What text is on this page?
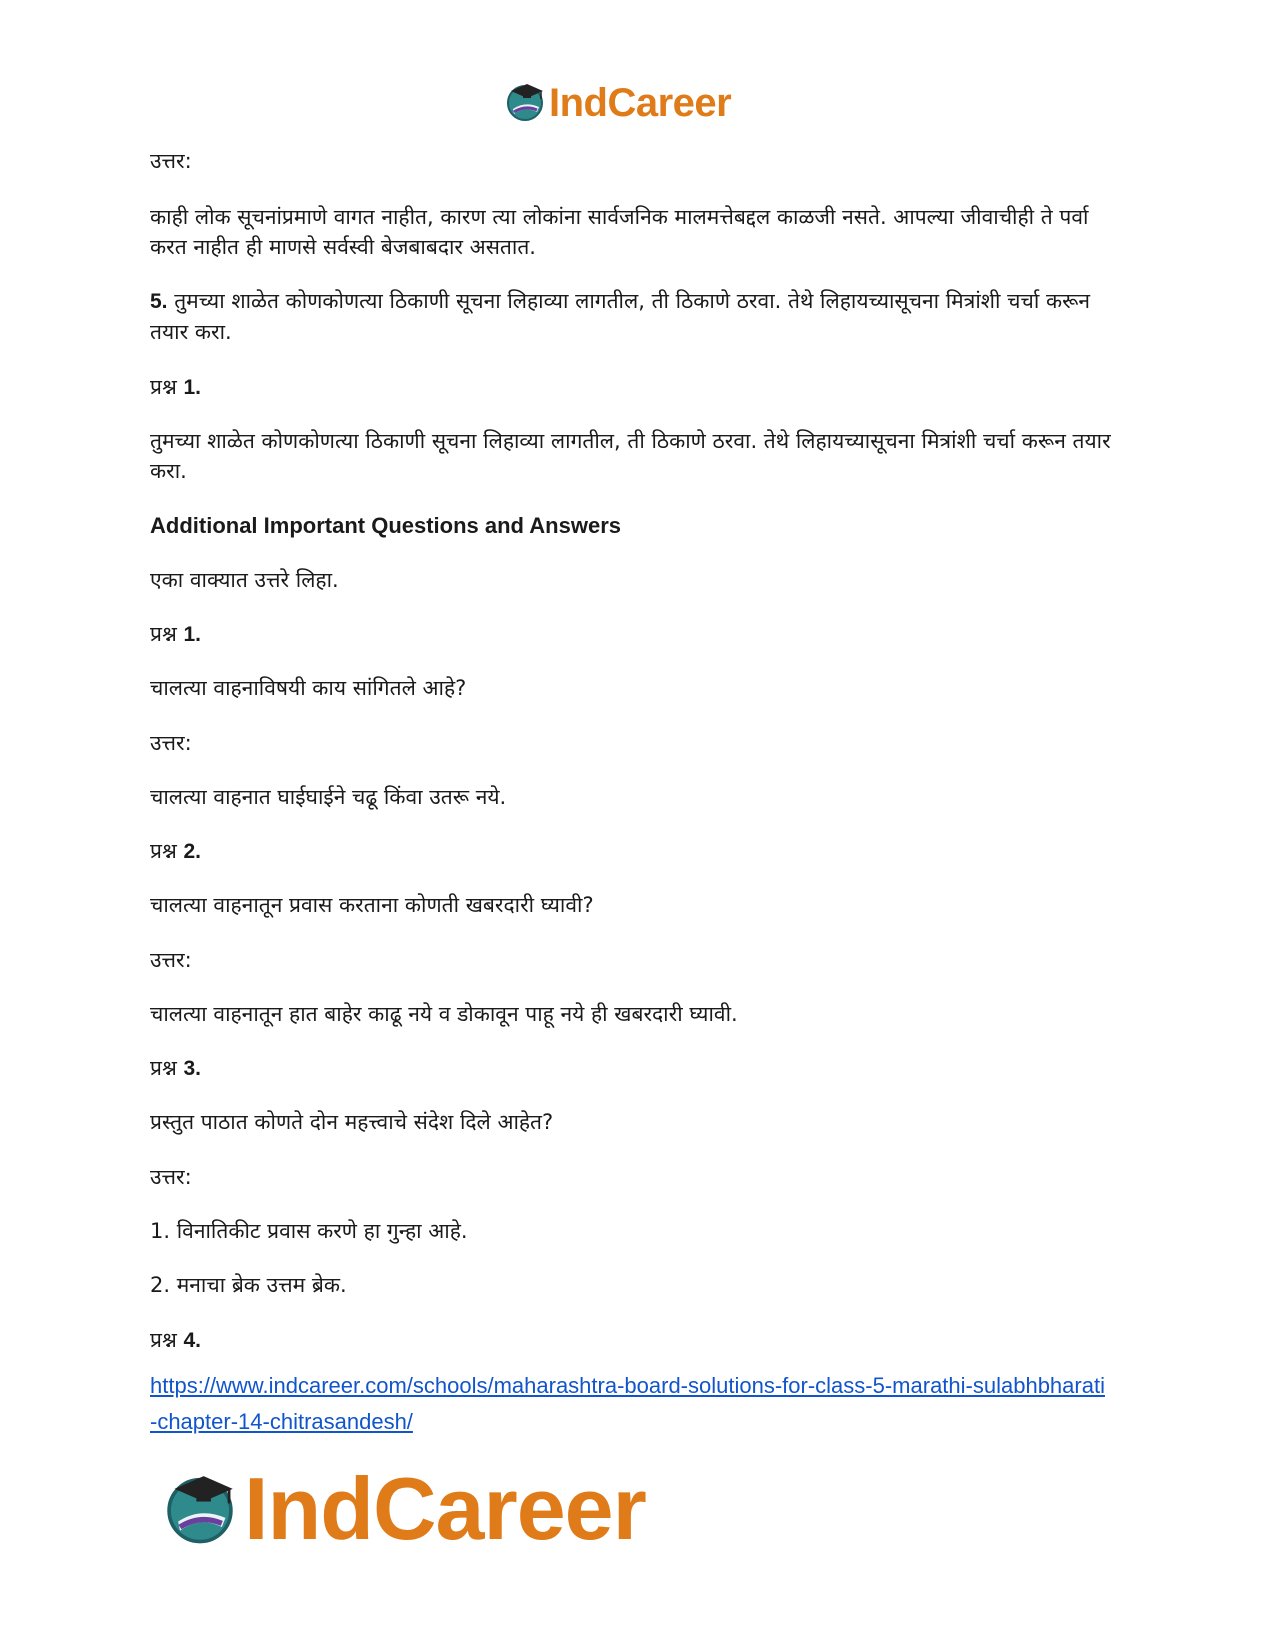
IndCareer
उत्तर:
काही लोक सूचनांप्रमाणे वागत नाहीत, कारण त्या लोकांना सार्वजनिक मालमत्तेबद्दल काळजी नसते. आपल्या जीवाचीही ते पर्वा करत नाहीत ही माणसे सर्वस्वी बेजबाबदार असतात.
5. तुमच्या शाळेत कोणकोणत्या ठिकाणी सूचना लिहाव्या लागतील, ती ठिकाणे ठरवा. तेथे लिहायच्यासूचना मित्रांशी चर्चा करून तयार करा.
प्रश्न 1.
तुमच्या शाळेत कोणकोणत्या ठिकाणी सूचना लिहाव्या लागतील, ती ठिकाणे ठरवा. तेथे लिहायच्यासूचना मित्रांशी चर्चा करून तयार करा.
Additional Important Questions and Answers
एका वाक्यात उत्तरे लिहा.
प्रश्न 1.
चालत्या वाहनाविषयी काय सांगितले आहे?
उत्तर:
चालत्या वाहनात घाईघाईने चढू किंवा उतरू नये.
प्रश्न 2.
चालत्या वाहनातून प्रवास करताना कोणती खबरदारी घ्यावी?
उत्तर:
चालत्या वाहनातून हात बाहेर काढू नये व डोकावून पाहू नये ही खबरदारी घ्यावी.
प्रश्न 3.
प्रस्तुत पाठात कोणते दोन महत्त्वाचे संदेश दिले आहेत?
उत्तर:
1. विनातिकीट प्रवास करणे हा गुन्हा आहे.
2. मनाचा ब्रेक उत्तम ब्रेक.
प्रश्न 4.
https://www.indcareer.com/schools/maharashtra-board-solutions-for-class-5-marathi-sulabhbharati-chapter-14-chitrasandesh/
IndCareer
